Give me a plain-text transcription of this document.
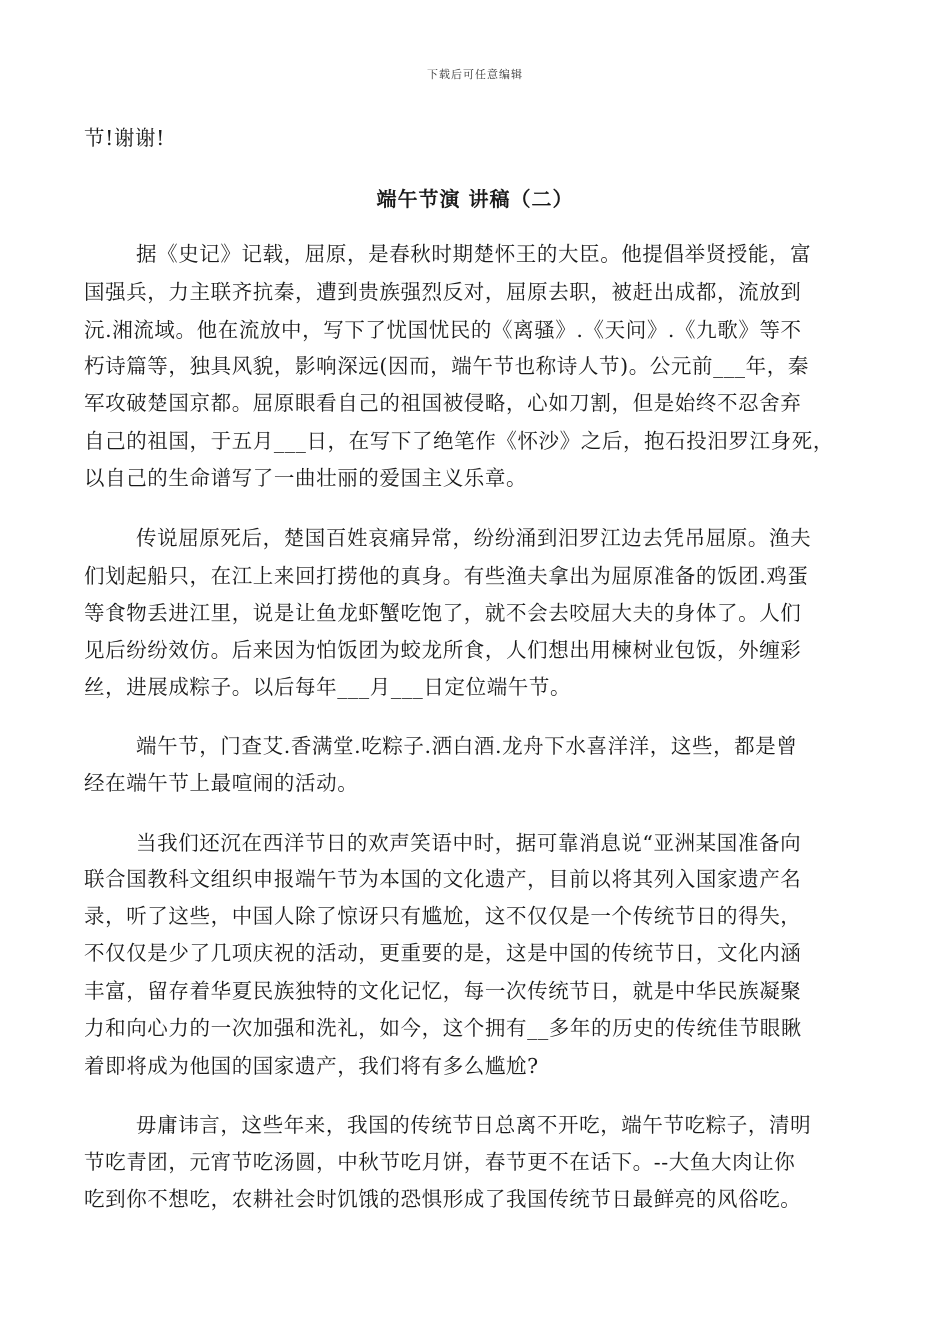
下载后可任意编辑
节!谢谢!
端午节演 讲稿（二）
据《史记》记载，屈原，是春秋时期楚怀王的大臣。他提倡举贤授能，富
国强兵，力主联齐抗秦，遭到贵族强烈反对，屈原去职，被赶出成都，流放到
沅.湘流域。他在流放中，写下了忧国忧民的《离骚》.《天问》.《九歌》等不
朽诗篇等，独具风貌，影响深远(因而，端午节也称诗人节)。公元前___年，秦
军攻破楚国京都。屈原眼看自己的祖国被侵略，心如刀割，但是始终不忍舍弃
自己的祖国，于五月___日，在写下了绝笔作《怀沙》之后，抱石投汨罗江身死，
以自己的生命谱写了一曲壮丽的爱国主义乐章。
传说屈原死后，楚国百姓哀痛异常，纷纷涌到汨罗江边去凭吊屈原。渔夫
们划起船只，在江上来回打捞他的真身。有些渔夫拿出为屈原准备的饭团.鸡蛋
等食物丢进江里，说是让鱼龙虾蟹吃饱了，就不会去咬屈大夫的身体了。人们
见后纷纷效仿。后来因为怕饭团为蛟龙所食，人们想出用楝树业包饭，外缠彩
丝，进展成粽子。以后每年___月___日定位端午节。
端午节，门查艾.香满堂.吃粽子.洒白酒.龙舟下水喜洋洋，这些，都是曾
经在端午节上最喧闹的活动。
当我们还沉在西洋节日的欢声笑语中时，据可靠消息说“亚洲某国准备向
联合国教科文组织申报端午节为本国的文化遗产，目前以将其列入国家遗产名
录，听了这些，中国人除了惊讶只有尴尬，这不仅仅是一个传统节日的得失，
不仅仅是少了几项庆祝的活动，更重要的是，这是中国的传统节日，文化内涵
丰富，留存着华夏民族独特的文化记忆，每一次传统节日，就是中华民族凝聚
力和向心力的一次加强和洗礼，如今，这个拥有__多年的历史的传统佳节眼瞅
着即将成为他国的国家遗产，我们将有多么尴尬?
毋庸讳言，这些年来，我国的传统节日总离不开吃，端午节吃粽子，清明
节吃青团，元宵节吃汤圆，中秋节吃月饼，春节更不在话下。--大鱼大肉让你
吃到你不想吃，农耕社会时饥饿的恐惧形成了我国传统节日最鲜亮的风俗吃。
